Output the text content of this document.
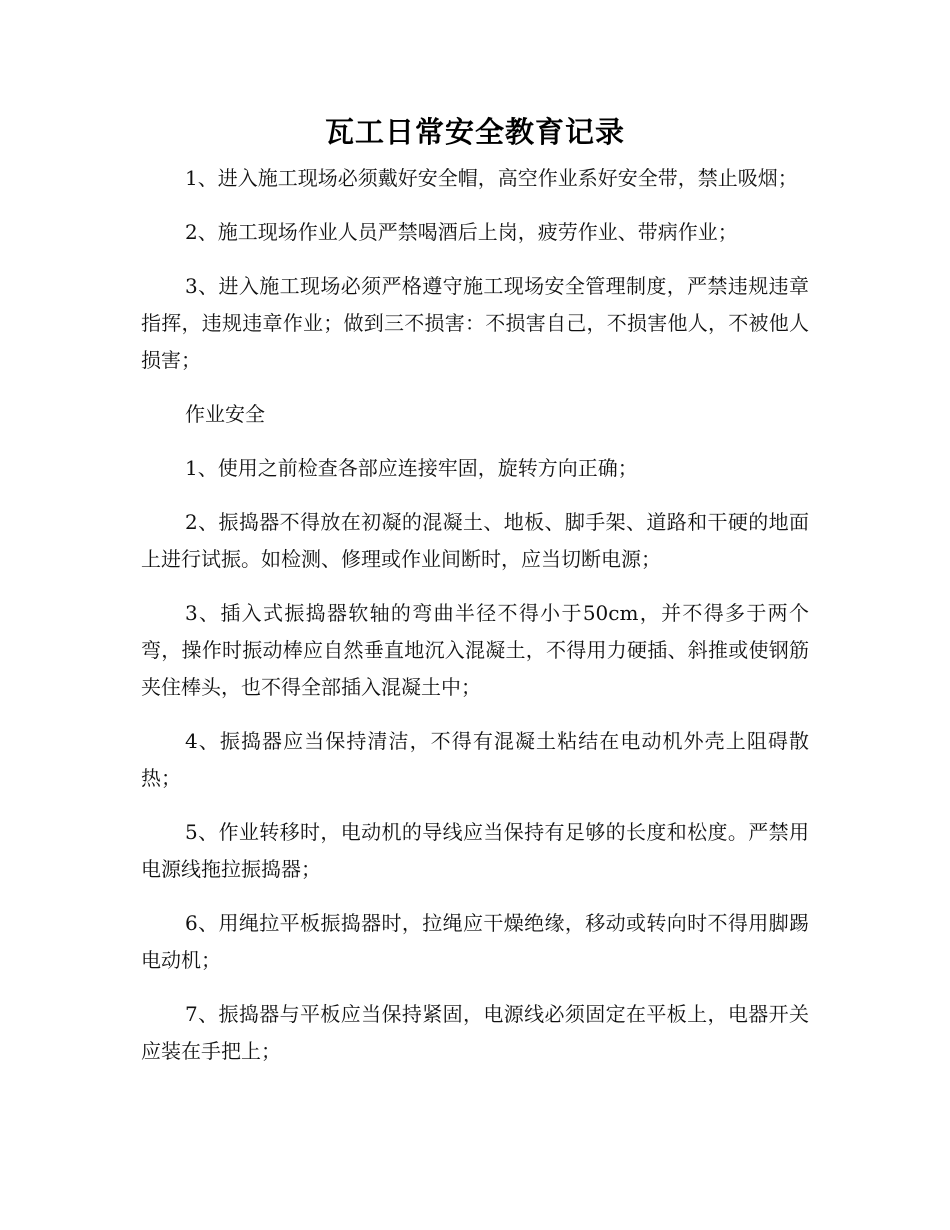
瓦工日常安全教育记录

1、进入施工现场必须戴好安全帽，高空作业系好安全带，禁止吸烟；

2、施工现场作业人员严禁喝酒后上岗，疲劳作业、带病作业；

3、进入施工现场必须严格遵守施工现场安全管理制度，严禁违规违章指挥，违规违章作业；做到三不损害：不损害自己，不损害他人，不被他人损害；

作业安全

1、使用之前检查各部应连接牢固，旋转方向正确；

2、振捣器不得放在初凝的混凝土、地板、脚手架、道路和干硬的地面上进行试振。如检测、修理或作业间断时，应当切断电源；

3、插入式振捣器软轴的弯曲半径不得小于50cm，并不得多于两个弯，操作时振动棒应自然垂直地沉入混凝土，不得用力硬插、斜推或使钢筋夹住棒头，也不得全部插入混凝土中；

4、振捣器应当保持清洁，不得有混凝土粘结在电动机外壳上阻碍散热；

5、作业转移时，电动机的导线应当保持有足够的长度和松度。严禁用电源线拖拉振捣器；

6、用绳拉平板振捣器时，拉绳应干燥绝缘，移动或转向时不得用脚踢电动机；

7、振捣器与平板应当保持紧固，电源线必须固定在平板上，电器开关应装在手把上；
